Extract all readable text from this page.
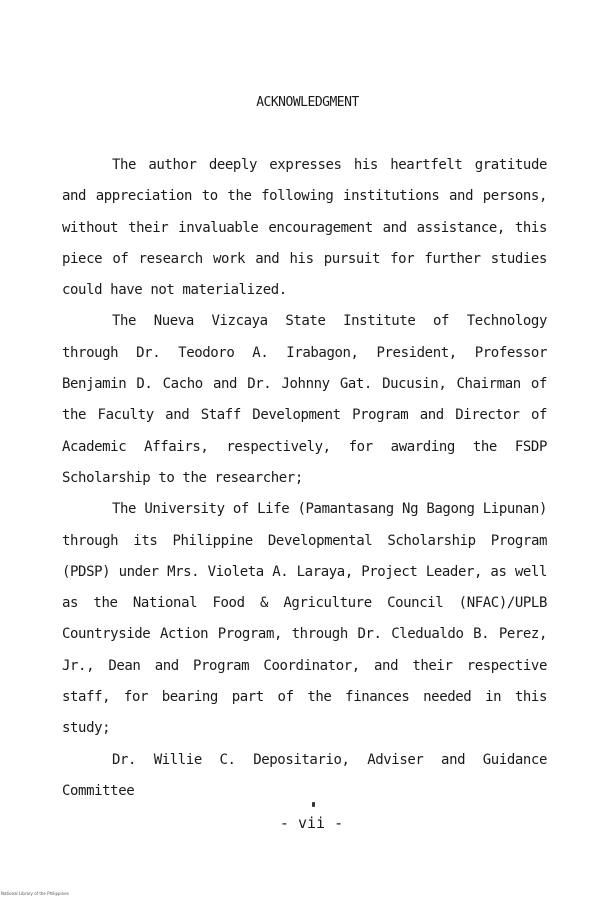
ACKNOWLEDGMENT

The author deeply expresses his heartfelt gratitude and appreciation to the following institutions and persons, without their invaluable encouragement and assistance, this piece of research work and his pursuit for further studies could have not materialized.

The Nueva Vizcaya State Institute of Technology through Dr. Teodoro A. Irabagon, President, Professor Benjamin D. Cacho and Dr. Johnny Gat. Ducusin, Chairman of the Faculty and Staff Development Program and Director of Academic Affairs, respectively, for awarding the FSDP Scholarship to the researcher;

The University of Life (Pamantasang Ng Bagong Lipunan) through its Philippine Developmental Scholarship Program (PDSP) under Mrs. Violeta A. Laraya, Project Leader, as well as the National Food & Agriculture Council (NFAC)/UPLB Countryside Action Program, through Dr. Cledualdo B. Perez, Jr., Dean and Program Coordinator, and their respective staff, for bearing part of the finances needed in this study;

Dr. Willie C. Depositario, Adviser and Guidance Committee

- vii -
National Library of the Philippines
